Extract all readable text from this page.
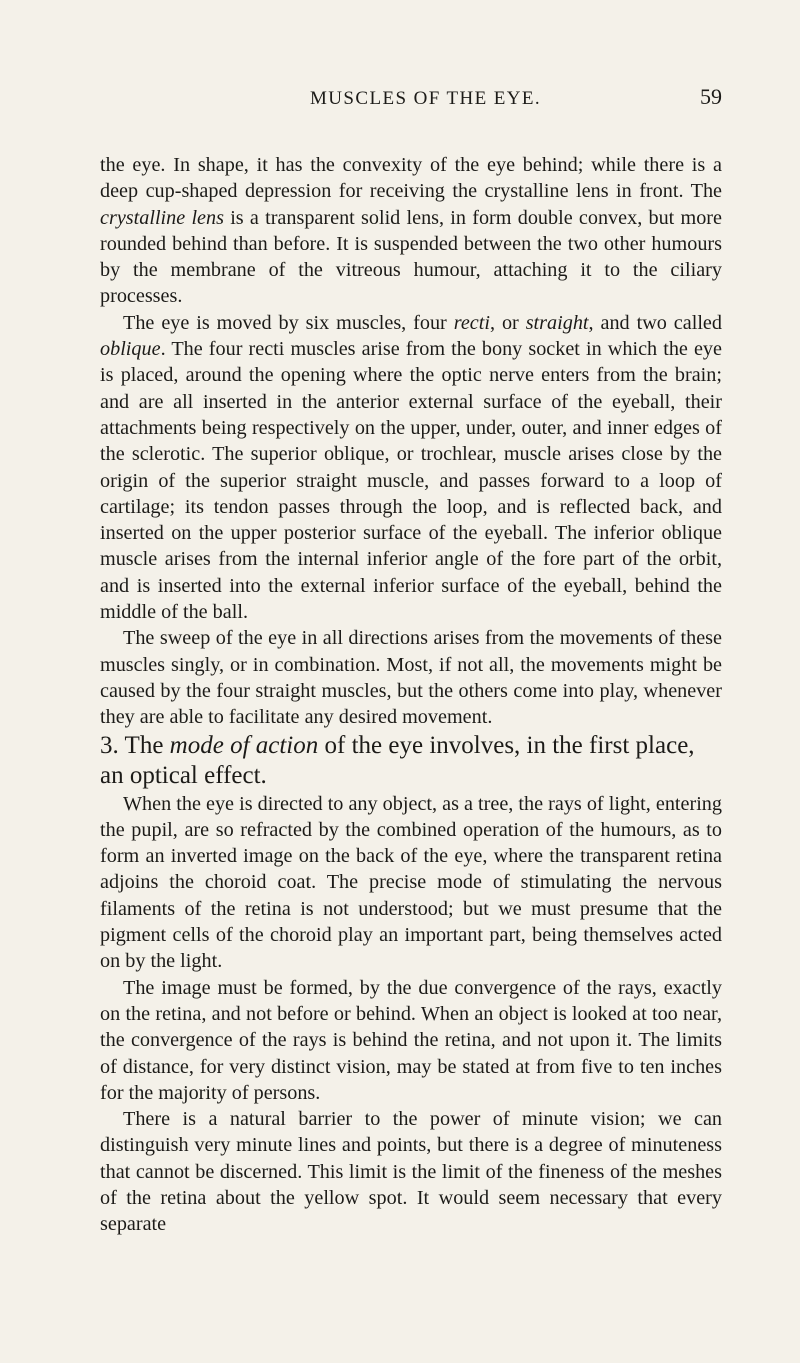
MUSCLES OF THE EYE.	59

the eye. In shape, it has the convexity of the eye behind; while there is a deep cup-shaped depression for receiving the crystalline lens in front. The crystalline lens is a transparent solid lens, in form double convex, but more rounded behind than before. It is suspended between the two other humours by the membrane of the vitreous humour, attaching it to the ciliary processes.

The eye is moved by six muscles, four recti, or straight, and two called oblique. The four recti muscles arise from the bony socket in which the eye is placed, around the opening where the optic nerve enters from the brain; and are all inserted in the anterior external surface of the eyeball, their attachments being respectively on the upper, under, outer, and inner edges of the sclerotic. The superior oblique, or trochlear, muscle arises close by the origin of the superior straight muscle, and passes forward to a loop of cartilage; its tendon passes through the loop, and is reflected back, and inserted on the upper posterior surface of the eyeball. The inferior oblique muscle arises from the internal inferior angle of the fore part of the orbit, and is inserted into the external inferior surface of the eyeball, behind the middle of the ball.

The sweep of the eye in all directions arises from the movements of these muscles singly, or in combination. Most, if not all, the movements might be caused by the four straight muscles, but the others come into play, whenever they are able to facilitate any desired movement.

3. The mode of action of the eye involves, in the first place, an optical effect.

When the eye is directed to any object, as a tree, the rays of light, entering the pupil, are so refracted by the combined operation of the humours, as to form an inverted image on the back of the eye, where the transparent retina adjoins the choroid coat. The precise mode of stimulating the nervous filaments of the retina is not understood; but we must presume that the pigment cells of the choroid play an important part, being themselves acted on by the light.

The image must be formed, by the due convergence of the rays, exactly on the retina, and not before or behind. When an object is looked at too near, the convergence of the rays is behind the retina, and not upon it. The limits of distance, for very distinct vision, may be stated at from five to ten inches for the majority of persons.

There is a natural barrier to the power of minute vision; we can distinguish very minute lines and points, but there is a degree of minuteness that cannot be discerned. This limit is the limit of the fineness of the meshes of the retina about the yellow spot. It would seem necessary that every separate
